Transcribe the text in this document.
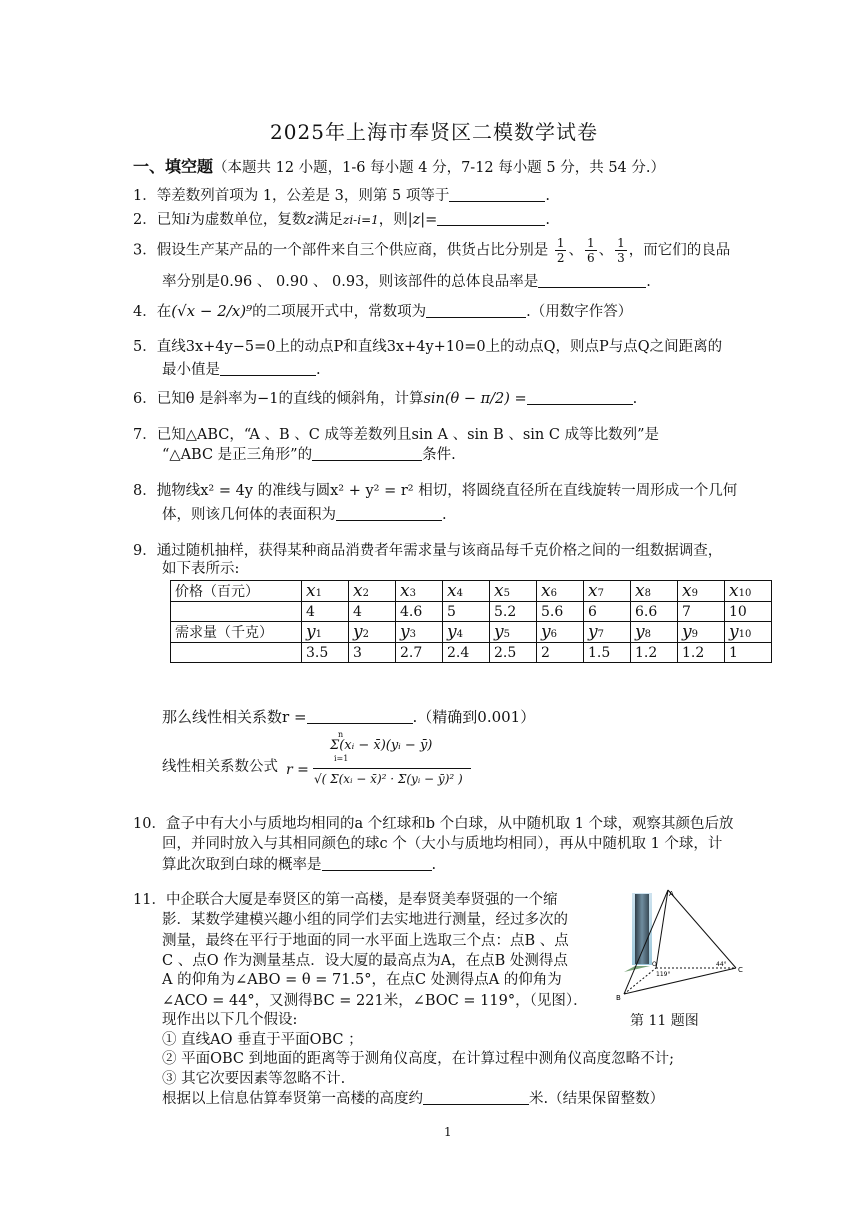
2025年上海市奉贤区二模数学试卷
一、填空题（本题共 12 小题，1-6 每小题 4 分，7-12 每小题 5 分，共 54 分.）
1．等差数列首项为 1，公差是 3，则第 5 项等于	.
2．已知i为虚数单位，复数z满足zi-i=1，则|z|=	.
3．假设生产某产品的一个部件来自三个供应商，供货占比分别是 $\frac{1}{2}$ 、 $\frac{1}{6}$ 、 $\frac{1}{3}$ ，而它们的良品
率分别是0.96 、 0.90 、 0.93，则该部件的总体良品率是	.
4．在(√x − 2/x)⁹的二项展开式中，常数项为	.（用数字作答）
5．直线3x+4y−5=0上的动点P和直线3x+4y+10=0上的动点Q，则点P与点Q之间距离的
最小值是	.
6．已知θ 是斜率为−1的直线的倾斜角，计算sin(θ − π/2) =	.
7．已知△ABC，“A 、B 、C 成等差数列且sin A 、sin B 、sin C 成等比数列”是
“△ABC 是正三角形”的	条件.
8．抛物线x² = 4y 的准线与圆x² + y² = r² 相切，将圆绕直径所在直线旋转一周形成一个几何
体，则该几何体的表面积为	.
9．通过随机抽样，获得某种商品消费者年需求量与该商品每千克价格之间的一组数据调查，
如下表所示:
价格（百元）	x1	x2	x3	x4	x5	x6	x7	x8	x9	x10
	4	4	4.6	5	5.2	5.6	6	6.6	7	10
需求量（千克）	y1	y2	y3	y4	y5	y6	y7	y8	y9	y10
	3.5	3	2.7	2.4	2.5	2	1.5	1.2	1.2	1
那么线性相关系数r =	.（精确到0.001）
线性相关系数公式 r =
n
i=1
Σ(xᵢ − x̄)(yᵢ − ȳ)
√( Σ(xᵢ − x̄)² · Σ(yᵢ − ȳ)² )
10．盒子中有大小与质地均相同的a 个红球和b 个白球，从中随机取 1 个球，观察其颜色后放
回，并同时放入与其相同颜色的球c 个（大小与质地均相同），再从中随机取 1 个球，计
算此次取到白球的概率是	.
11．中企联合大厦是奉贤区的第一高楼，是奉贤美奉贤强的一个缩
影．某数学建模兴趣小组的同学们去实地进行测量，经过多次的
测量，最终在平行于地面的同一水平面上选取三个点：点B 、点
C 、点O 作为测量基点．设大厦的最高点为A，在点B 处测得点
A 的仰角为∠ABO = θ = 71.5°，在点C 处测得点A 的仰角为
∠ACO = 44°，又测得BC = 221米，∠BOC = 119°，（见图）．
现作出以下几个假设:
① 直线AO 垂直于平面OBC ；
② 平面OBC 到地面的距离等于测角仪高度，在计算过程中测角仪高度忽略不计;
③ 其它次要因素等忽略不计.
根据以上信息估算奉贤第一高楼的高度约	米.（结果保留整数）
A
B
C
O
119°
44°
第 11 题图
1
